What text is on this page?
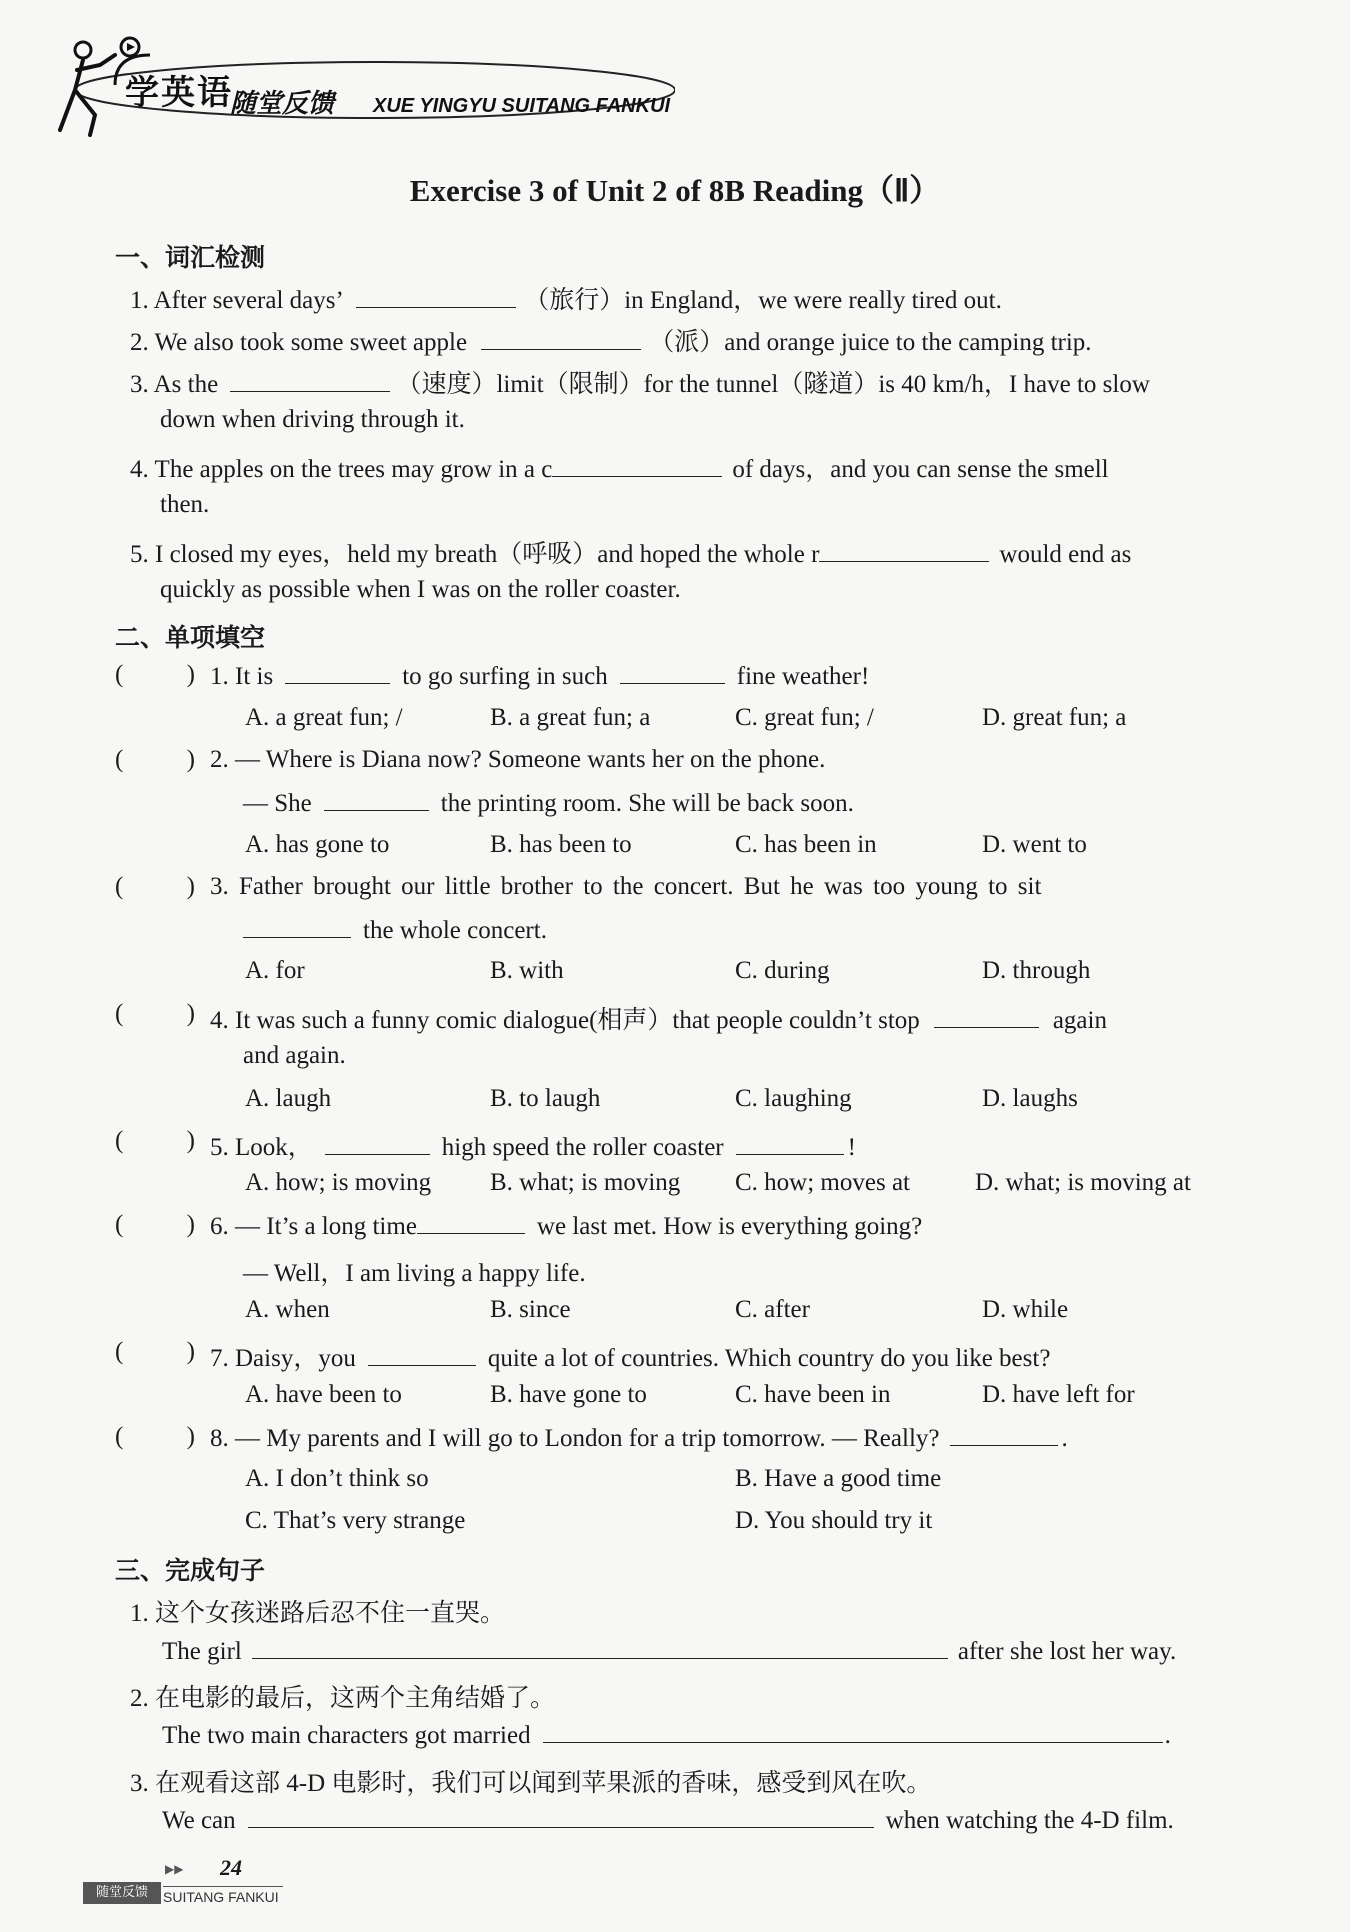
学英语
随堂反馈 XUE YINGYU SUITANG FANKUI
Exercise 3 of Unit 2 of 8B Reading（Ⅱ）
一、词汇检测
1. After several days’	（旅行）in England，we were really tired out.
2. We also took some sweet apple	（派）and orange juice to the camping trip.
3. As the	（速度）limit（限制）for the tunnel（隧道）is 40 km/h，I have to slow
down when driving through it.
4. The apples on the trees may grow in a c	of days，and you can sense the smell
then.
5. I closed my eyes，held my breath（呼吸）and hoped the whole r	would end as
quickly as possible when I was on the roller coaster.
二、单项填空
(	) 1. It is	to go surfing in such	fine weather!
A. a great fun; /	B. a great fun; a	C. great fun; /	D. great fun; a
(	) 2. — Where is Diana now? Someone wants her on the phone.
— She	the printing room. She will be back soon.
A. has gone to	B. has been to	C. has been in	D. went to
(	) 3. Father brought our little brother to the concert. But he was too young to sit
the whole concert.
A. for	B. with	C. during	D. through
(	) 4. It was such a funny comic dialogue(相声）that people couldn’t stop	again
and again.
A. laugh	B. to laugh	C. laughing	D. laughs
(	) 5. Look，	high speed the roller coaster	!
A. how; is moving B. what; is moving C. how; moves at	D. what; is moving at
(	) 6. — It’s a long time	we last met. How is everything going?
— Well，I am living a happy life.
A. when	B. since	C. after	D. while
(	) 7. Daisy，you	quite a lot of countries. Which country do you like best?
A. have been to	B. have gone to	C. have been in	D. have left for
(	) 8. — My parents and I will go to London for a trip tomorrow. — Really?	.
A. I don’t think so	B. Have a good time
C. That’s very strange	D. You should try it
三、完成句子
1. 这个女孩迷路后忍不住一直哭。
The girl	after she lost her way.
2. 在电影的最后，这两个主角结婚了。
The two main characters got married	.
3. 在观看这部 4-D 电影时，我们可以闻到苹果派的香味，感受到风在吹。
We can	when watching the 4-D film.
▶▶ 24
随堂反馈	SUITANG FANKUI
